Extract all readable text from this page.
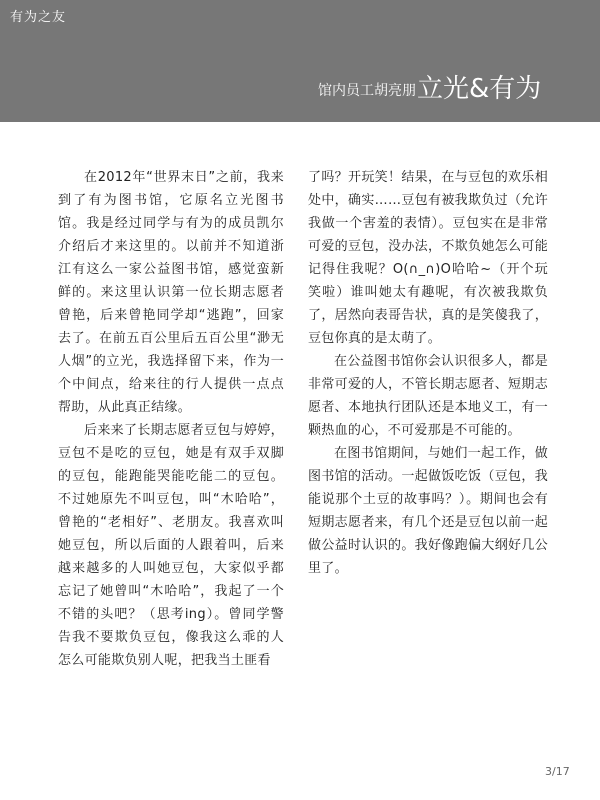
有为之友
馆内员工胡亮朋 立光&有为

在2012年“世界末日”之前，我来到了有为图书馆，它原名立光图书馆。我是经过同学与有为的成员凯尔介绍后才来这里的。以前并不知道浙江有这么一家公益图书馆，感觉蛮新鲜的。来这里认识第一位长期志愿者曾艳，后来曾艳同学却“逃跑”，回家去了。在前五百公里后五百公里“渺无人烟”的立光，我选择留下来，作为一个中间点，给来往的行人提供一点点帮助，从此真正结缘。

后来来了长期志愿者豆包与婷婷，豆包不是吃的豆包，她是有双手双脚的豆包，能跑能哭能吃能二的豆包。不过她原先不叫豆包，叫“木哈哈”，曾艳的“老相好”、老朋友。我喜欢叫她豆包，所以后面的人跟着叫，后来越来越多的人叫她豆包，大家似乎都忘记了她曾叫“木哈哈”，我起了一个不错的头吧？（思考ing）。曾同学警告我不要欺负豆包，像我这么乖的人怎么可能欺负别人呢，把我当土匪看

了吗？开玩笑！结果，在与豆包的欢乐相处中，确实……豆包有被我欺负过（允许我做一个害羞的表情）。豆包实在是非常可爱的豆包，没办法，不欺负她怎么可能记得住我呢？O(∩_∩)O哈哈~（开个玩笑啦）谁叫她太有趣呢，有次被我欺负了，居然向表哥告状，真的是笑傻我了，豆包你真的是太萌了。

在公益图书馆你会认识很多人，都是非常可爱的人，不管长期志愿者、短期志愿者、本地执行团队还是本地义工，有一颗热血的心，不可爱那是不可能的。

在图书馆期间，与她们一起工作，做图书馆的活动。一起做饭吃饭（豆包，我能说那个土豆的故事吗？）。期间也会有短期志愿者来，有几个还是豆包以前一起做公益时认识的。我好像跑偏大纲好几公里了。

3/17
